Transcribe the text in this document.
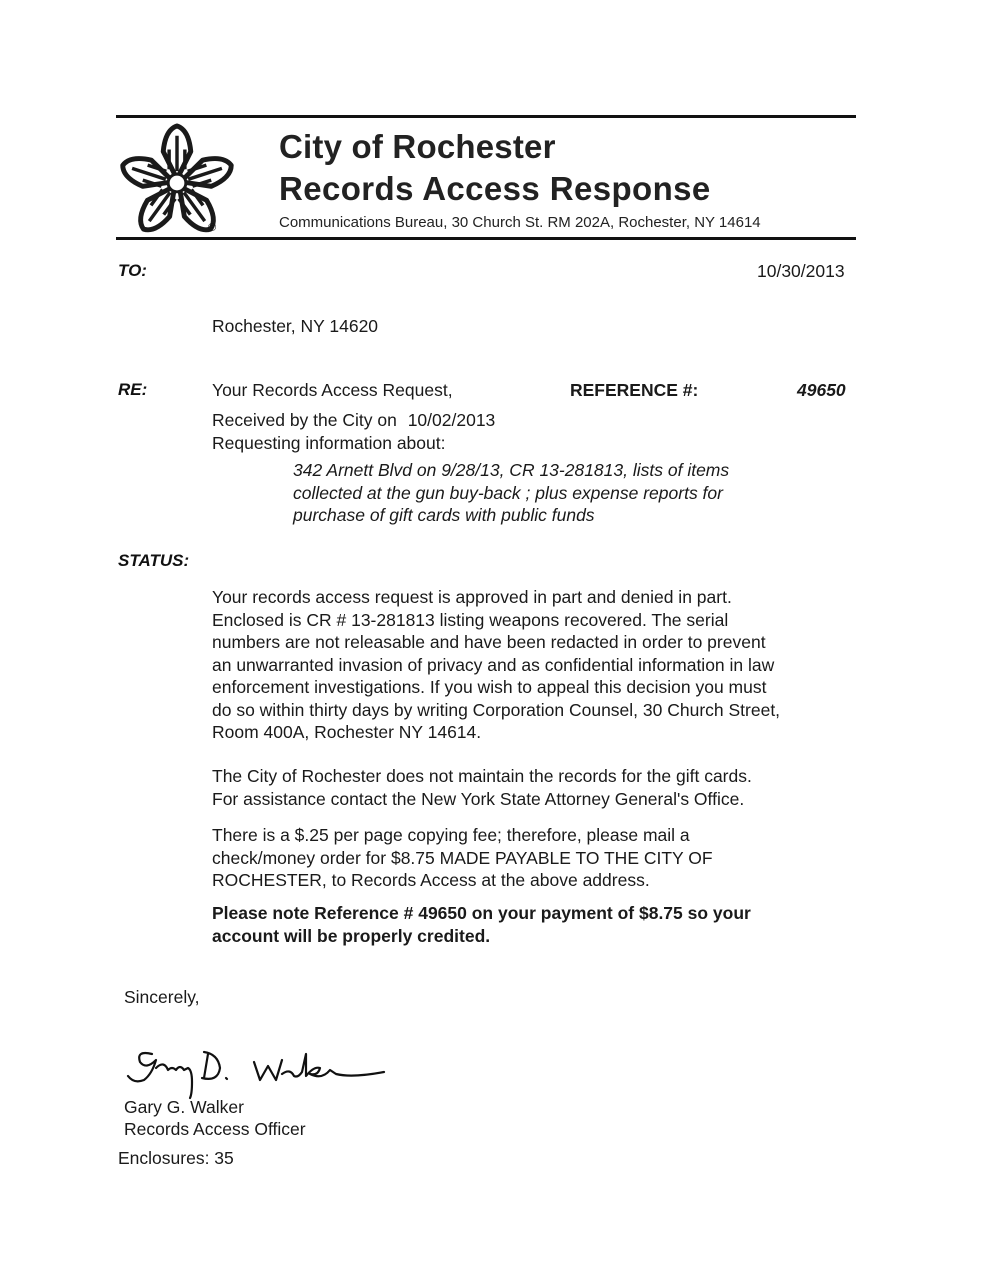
®
City of Rochester
Records Access Response
Communications Bureau, 30 Church St. RM 202A, Rochester, NY 14614
TO:	10/30/2013
Rochester, NY 14620
RE:	Your Records Access Request,	REFERENCE #:	49650
Received by the City on 10/02/2013
Requesting information about:
342 Arnett Blvd on 9/28/13, CR 13-281813, lists of items
collected at the gun buy-back ; plus expense reports for
purchase of gift cards with public funds
STATUS:
Your records access request is approved in part and denied in part.
Enclosed is CR # 13-281813 listing weapons recovered. The serial
numbers are not releasable and have been redacted in order to prevent
an unwarranted invasion of privacy and as confidential information in law
enforcement investigations. If you wish to appeal this decision you must
do so within thirty days by writing Corporation Counsel, 30 Church Street,
Room 400A, Rochester NY 14614.
The City of Rochester does not maintain the records for the gift cards.
For assistance contact the New York State Attorney General's Office.
There is a $.25 per page copying fee; therefore, please mail a
check/money order for $8.75 MADE PAYABLE TO THE CITY OF
ROCHESTER, to Records Access at the above address.
Please note Reference # 49650 on your payment of $8.75 so your
account will be properly credited.
Sincerely,
Gary G. Walker
Records Access Officer
Enclosures: 35
